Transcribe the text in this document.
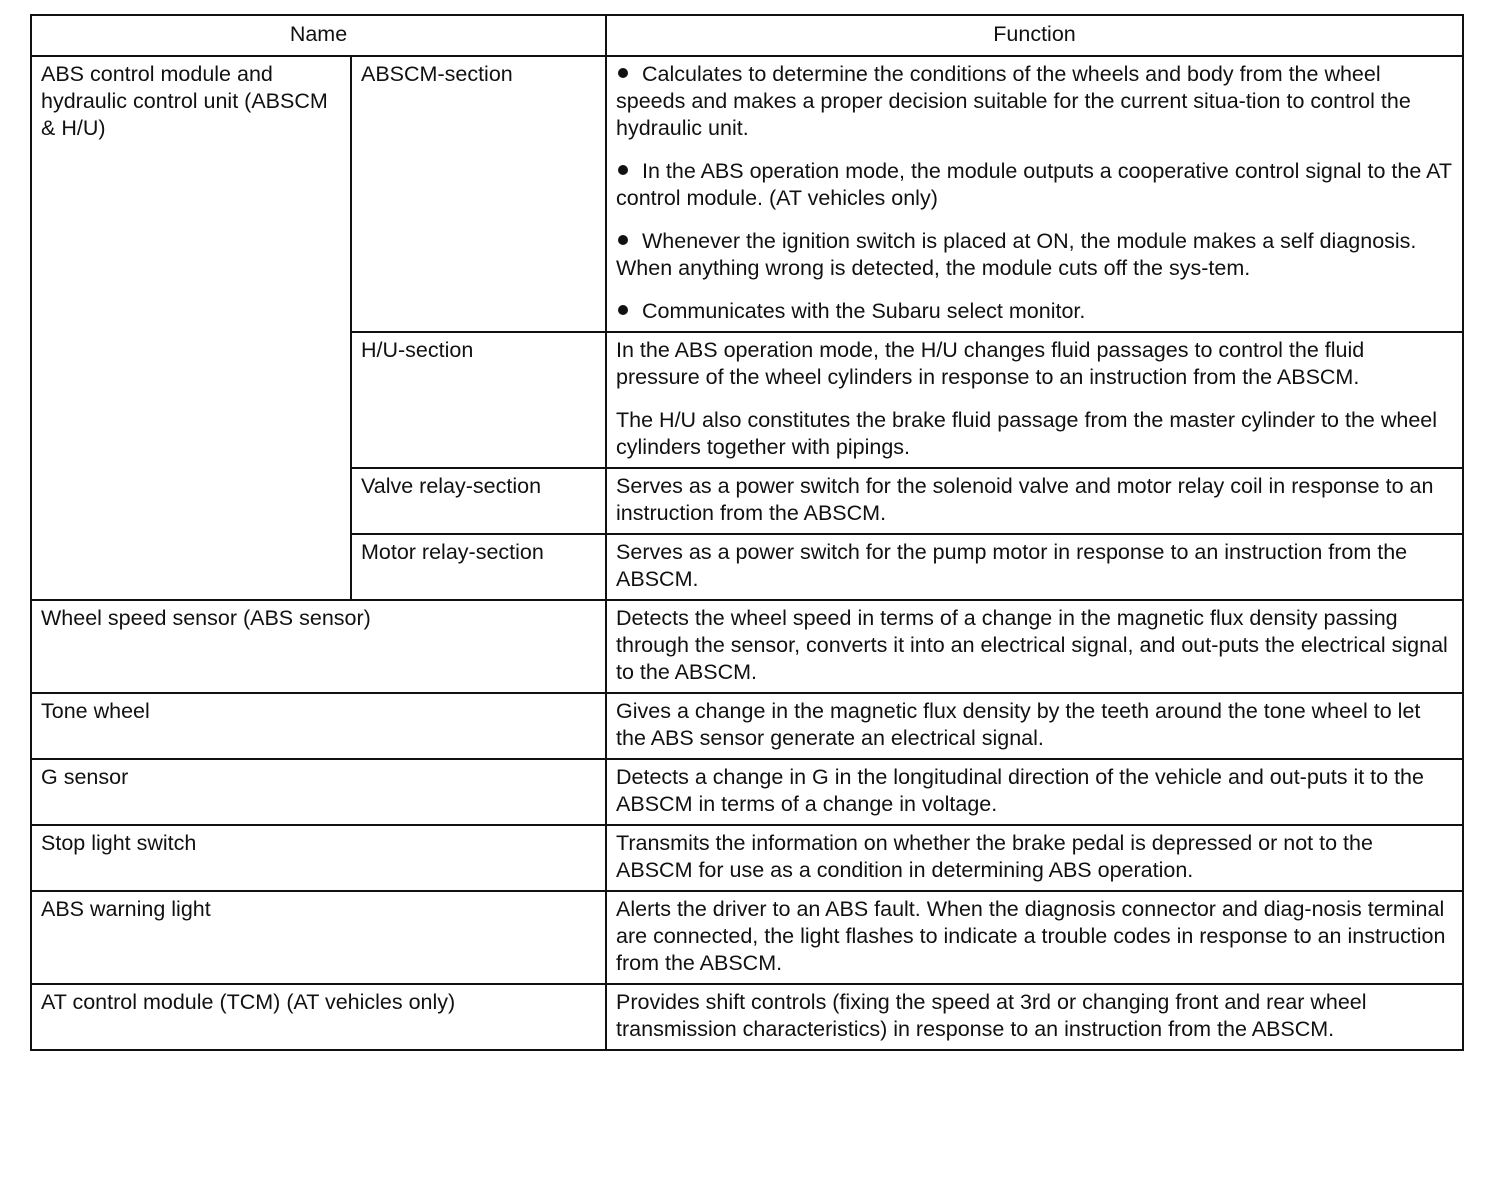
Name		Function
ABS control module and hydraulic control unit (ABSCM & H/U)	ABSCM-section	Calculates to determine the conditions of the wheels and body from the wheel speeds and makes a proper decision suitable for the current situa-tion to control the hydraulic unit.

In the ABS operation mode, the module outputs a cooperative control signal to the AT control module. (AT vehicles only)

Whenever the ignition switch is placed at ON, the module makes a self diagnosis. When anything wrong is detected, the module cuts off the sys-tem.

Communicates with the Subaru select monitor.

	H/U-section	In the ABS operation mode, the H/U changes fluid passages to control the fluid pressure of the wheel cylinders in response to an instruction from the ABSCM.

The H/U also constitutes the brake fluid passage from the master cylinder to the wheel cylinders together with pipings.

	Valve relay-section	Serves as a power switch for the solenoid valve and motor relay coil in response to an instruction from the ABSCM.

	Motor relay-section	Serves as a power switch for the pump motor in response to an instruction from the ABSCM.

Wheel speed sensor (ABS sensor)		Detects the wheel speed in terms of a change in the magnetic flux density passing through the sensor, converts it into an electrical signal, and out-puts the electrical signal to the ABSCM.
Tone wheel		Gives a change in the magnetic flux density by the teeth around the tone wheel to let the ABS sensor generate an electrical signal.
G sensor		Detects a change in G in the longitudinal direction of the vehicle and out-puts it to the ABSCM in terms of a change in voltage.
Stop light switch		Transmits the information on whether the brake pedal is depressed or not to the ABSCM for use as a condition in determining ABS operation.
ABS warning light		Alerts the driver to an ABS fault. When the diagnosis connector and diag-nosis terminal are connected, the light flashes to indicate a trouble codes in response to an instruction from the ABSCM.
AT control module (TCM) (AT vehicles only)		Provides shift controls (fixing the speed at 3rd or changing front and rear wheel transmission characteristics) in response to an instruction from the ABSCM.
